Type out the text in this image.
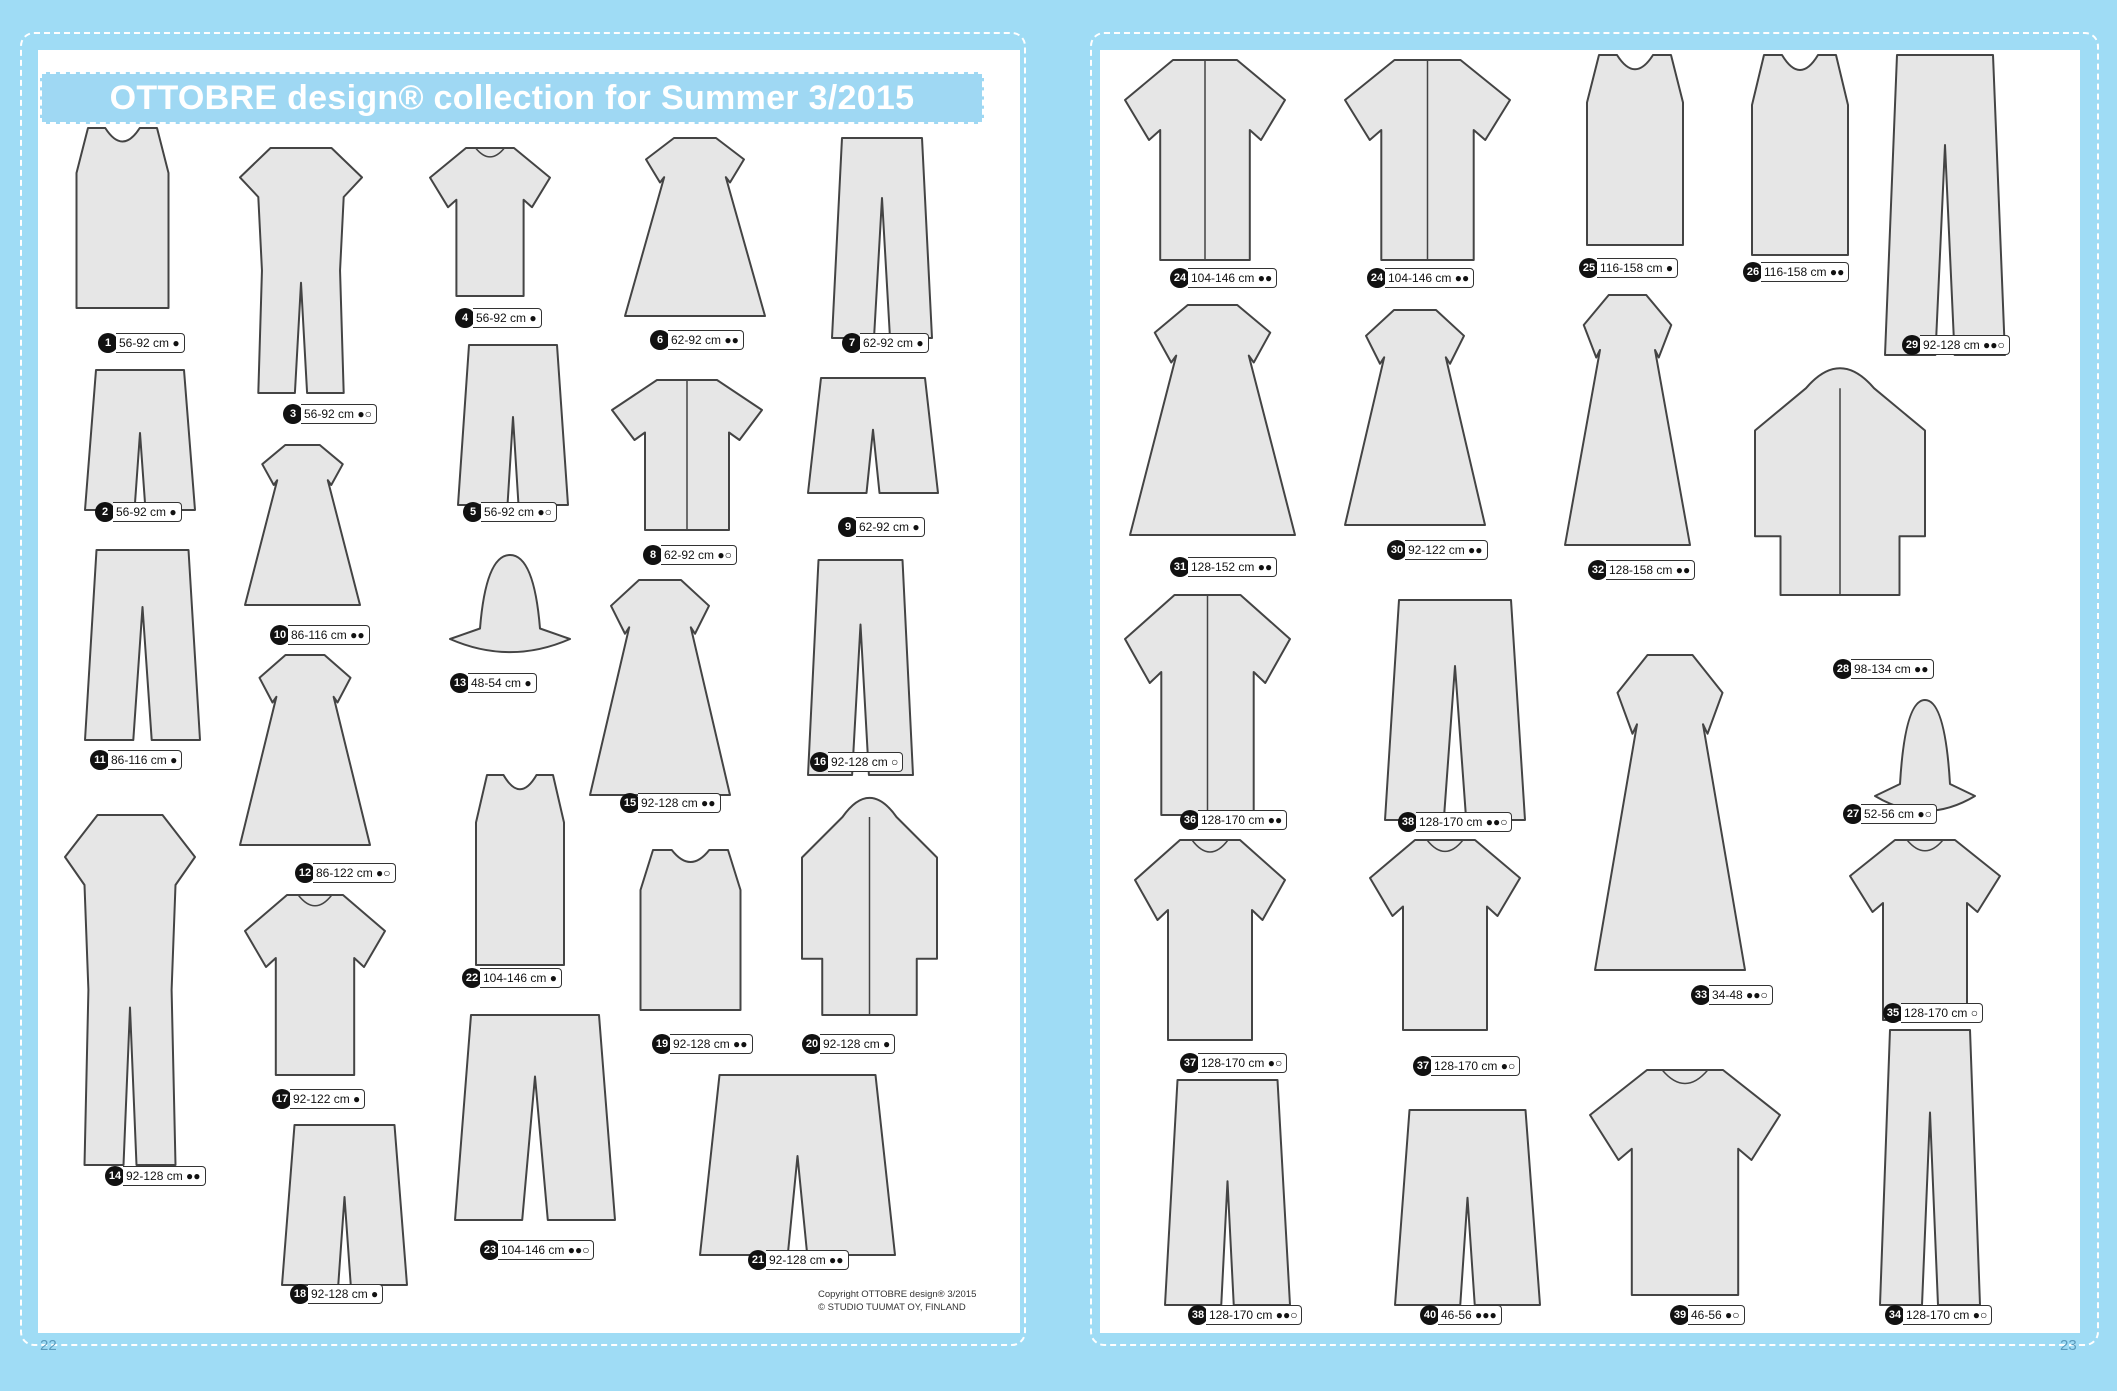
OTTOBRE design® collection for Summer 3/2015
Copyright OTTOBRE design® 3/2015
© STUDIO TUUMAT OY, FINLAND
22	23
1 56-92 cm ●
3 56-92 cm ●○
4 56-92 cm ●
6 62-92 cm ●●	7 62-92 cm ●
2 56-92 cm ●	5 56-92 cm ●○
8 62-92 cm ●○
9 62-92 cm ●
10 86-116 cm ●●
11 86-116 cm ●
13 48-54 cm ●
15 92-128 cm ●●
16 92-128 cm ○
12 86-122 cm ●○
22 104-146 cm ●
19 92-128 cm ●●	20 92-128 cm ●
14 92-128 cm ●●
17 92-122 cm ●
23 104-146 cm ●●○
21 92-128 cm ●●
18 92-128 cm ●
24 104-146 cm ●●	24 104-146 cm ●●
25 116-158 cm ●	26 116-158 cm ●●
29 92-128 cm ●●○
31 128-152 cm ●●
30 92-122 cm ●●
32 128-158 cm ●●
28 98-134 cm ●●
36 128-170 cm ●●	38 128-170 cm ●●○
33 34-48 ●●○
27 52-56 cm ●○
37 128-170 cm ●○	37 128-170 cm ●○
35 128-170 cm ○
38 128-170 cm ●●○	40 46-56 ●●●	39 46-56 ●○	34 128-170 cm ●○
